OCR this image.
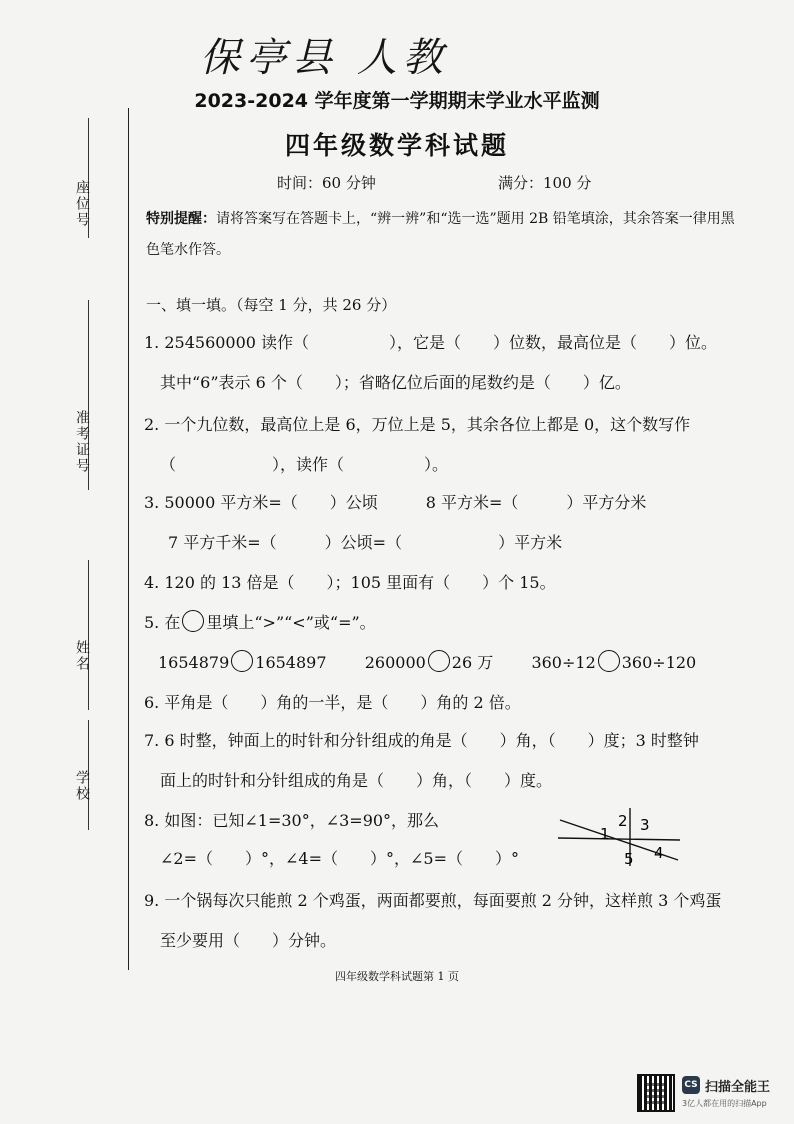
座位号
准考证号
姓名
学校
保亭县 人教
2023-2024 学年度第一学期期末学业水平监测
四年级数学科试题
时间：60 分钟	满分：100 分
特别提醒：请将答案写在答题卡上，“辨一辨”和“选一选”题用 2B 铅笔填涂，其余答案一律用黑色笔水作答。
一、填一填。（每空 1 分，共 26 分）
1. 254560000 读作（　　　　　），它是（　　）位数，最高位是（　　）位。
其中“6”表示 6 个（　　）；省略亿位后面的尾数约是（　　）亿。
2. 一个九位数，最高位上是 6，万位上是 5，其余各位上都是 0，这个数写作
（　　　　　　），读作（　　　　　）。
3. 50000 平方米=（　　）公顷　　　8 平方米=（　　　）平方分米
7 平方千米=（　　　）公顷=（　　　　　　）平方米
4. 120 的 13 倍是（　　）；105 里面有（　　）个 15。
5. 在 里填上“>”“<”或“=”。
1654879 1654897 260000 26 万 360÷12 360÷120
6. 平角是（　　）角的一半，是（　　）角的 2 倍。
7. 6 时整，钟面上的时针和分针组成的角是（　　）角，（　　）度；3 时整钟
面上的时针和分针组成的角是（　　）角，（　　）度。
8. 如图：已知∠1=30°，∠3=90°，那么
∠2=（　　）°，∠4=（　　）°，∠5=（　　）°
1
2 3
4
5
9. 一个锅每次只能煎 2 个鸡蛋，两面都要煎，每面要煎 2 分钟，这样煎 3 个鸡蛋
至少要用（　　）分钟。
四年级数学科试题第 1 页
CS 扫描全能王
3亿人都在用的扫描App
